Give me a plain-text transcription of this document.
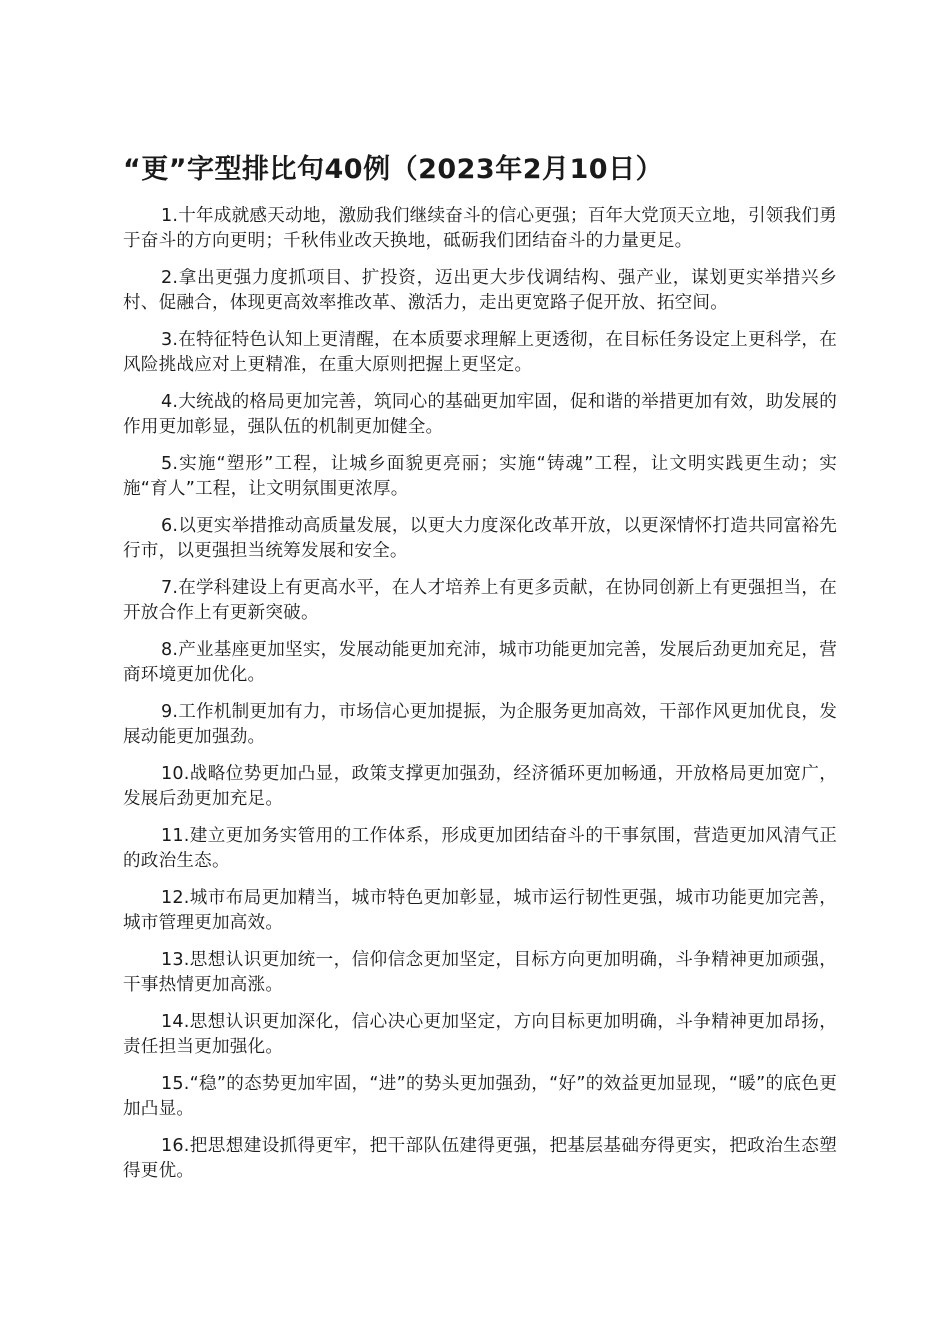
“更”字型排比句40例（2023年2月10日）

1.十年成就感天动地，激励我们继续奋斗的信心更强；百年大党顶天立地，引领我们勇于奋斗的方向更明；千秋伟业改天换地，砥砺我们团结奋斗的力量更足。

2.拿出更强力度抓项目、扩投资，迈出更大步伐调结构、强产业，谋划更实举措兴乡村、促融合，体现更高效率推改革、激活力，走出更宽路子促开放、拓空间。

3.在特征特色认知上更清醒，在本质要求理解上更透彻，在目标任务设定上更科学，在风险挑战应对上更精准，在重大原则把握上更坚定。

4.大统战的格局更加完善，筑同心的基础更加牢固，促和谐的举措更加有效，助发展的作用更加彰显，强队伍的机制更加健全。

5.实施“塑形”工程，让城乡面貌更亮丽；实施“铸魂”工程，让文明实践更生动；实施“育人”工程，让文明氛围更浓厚。

6.以更实举措推动高质量发展，以更大力度深化改革开放，以更深情怀打造共同富裕先行市，以更强担当统筹发展和安全。

7.在学科建设上有更高水平，在人才培养上有更多贡献，在协同创新上有更强担当，在开放合作上有更新突破。

8.产业基座更加坚实，发展动能更加充沛，城市功能更加完善，发展后劲更加充足，营商环境更加优化。

9.工作机制更加有力，市场信心更加提振，为企服务更加高效，干部作风更加优良，发展动能更加强劲。

10.战略位势更加凸显，政策支撑更加强劲，经济循环更加畅通，开放格局更加宽广，发展后劲更加充足。

11.建立更加务实管用的工作体系，形成更加团结奋斗的干事氛围，营造更加风清气正的政治生态。

12.城市布局更加精当，城市特色更加彰显，城市运行韧性更强，城市功能更加完善，城市管理更加高效。

13.思想认识更加统一，信仰信念更加坚定，目标方向更加明确，斗争精神更加顽强，干事热情更加高涨。

14.思想认识更加深化，信心决心更加坚定，方向目标更加明确，斗争精神更加昂扬，责任担当更加强化。

15.“稳”的态势更加牢固，“进”的势头更加强劲，“好”的效益更加显现，“暖”的底色更加凸显。

16.把思想建设抓得更牢，把干部队伍建得更强，把基层基础夯得更实，把政治生态塑得更优。
